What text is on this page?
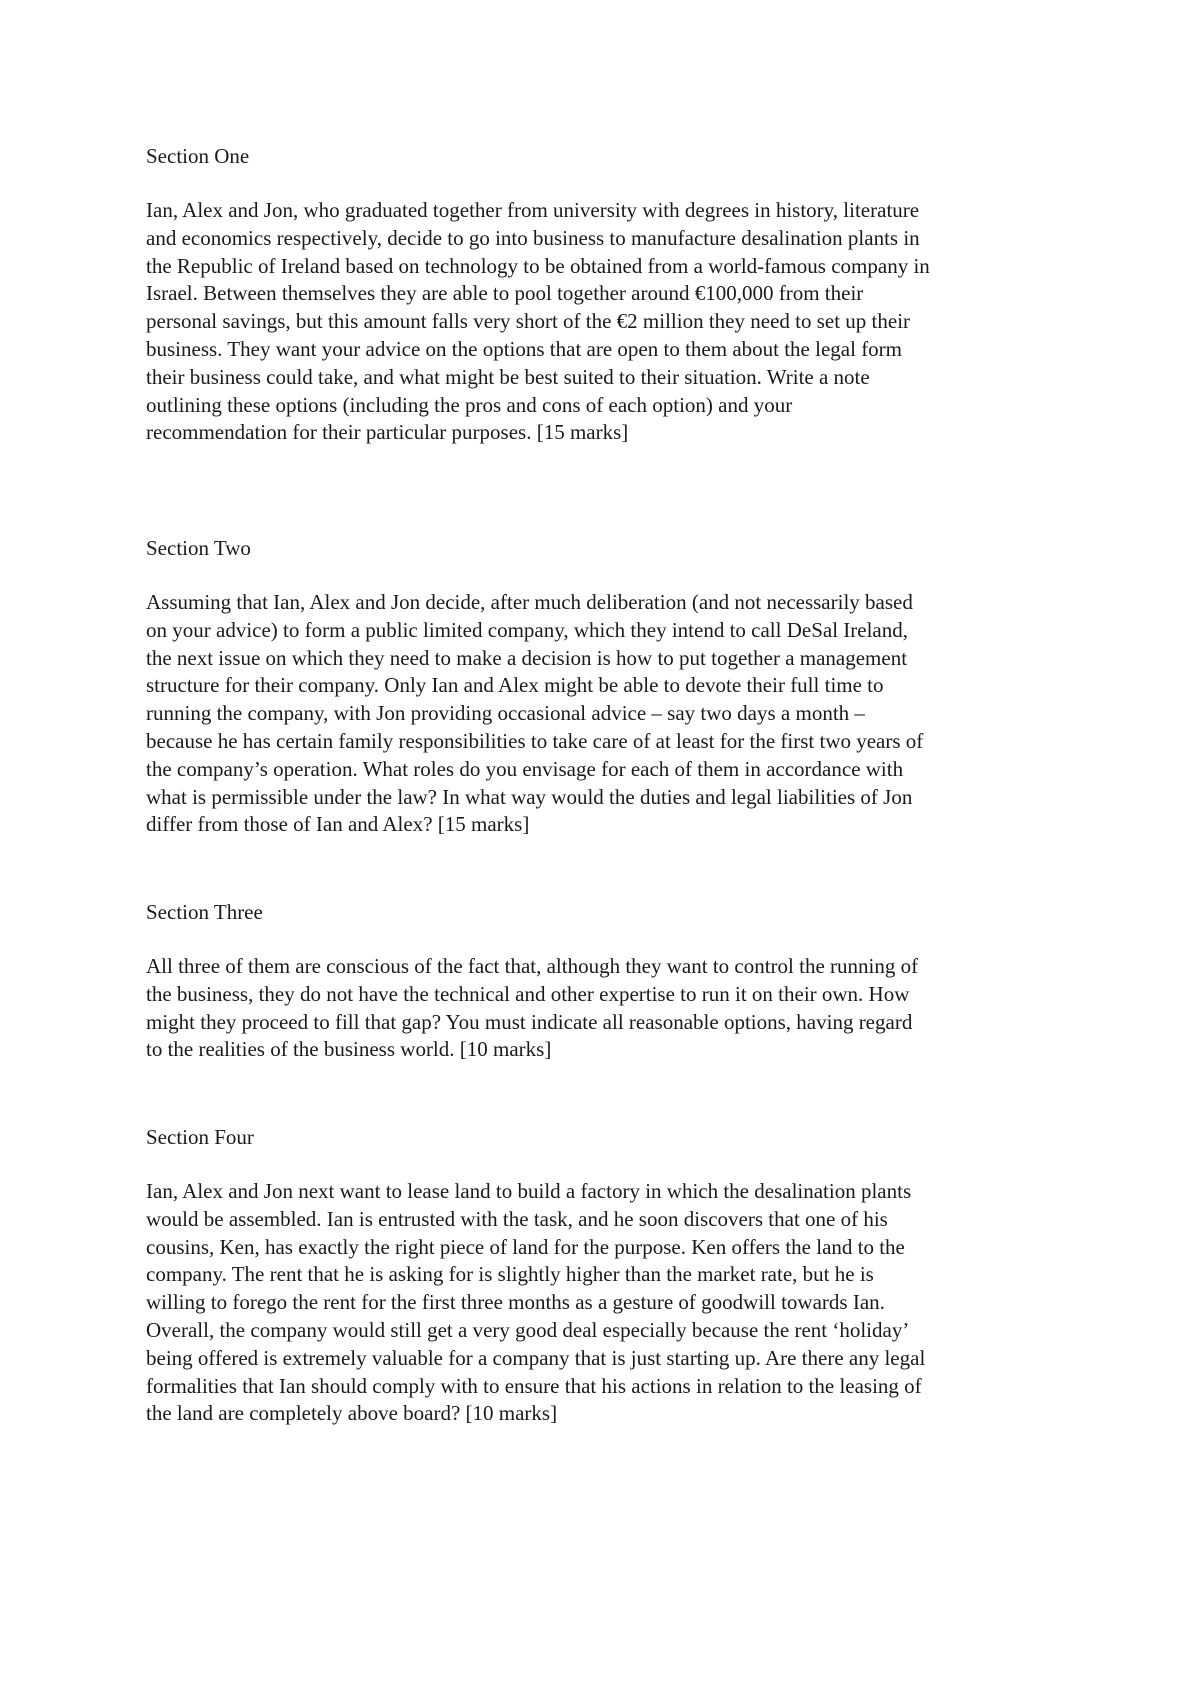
Section One

Ian, Alex and Jon, who graduated together from university with degrees in history, literature
and economics respectively, decide to go into business to manufacture desalination plants in
the Republic of Ireland based on technology to be obtained from a world-famous company in
Israel. Between themselves they are able to pool together around €100,000 from their
personal savings, but this amount falls very short of the €2 million they need to set up their
business. They want your advice on the options that are open to them about the legal form
their business could take, and what might be best suited to their situation. Write a note
outlining these options (including the pros and cons of each option) and your
recommendation for their particular purposes. [15 marks]

Section Two

Assuming that Ian, Alex and Jon decide, after much deliberation (and not necessarily based
on your advice) to form a public limited company, which they intend to call DeSal Ireland,
the next issue on which they need to make a decision is how to put together a management
structure for their company. Only Ian and Alex might be able to devote their full time to
running the company, with Jon providing occasional advice – say two days a month –
because he has certain family responsibilities to take care of at least for the first two years of
the company’s operation. What roles do you envisage for each of them in accordance with
what is permissible under the law? In what way would the duties and legal liabilities of Jon
differ from those of Ian and Alex? [15 marks]

Section Three

All three of them are conscious of the fact that, although they want to control the running of
the business, they do not have the technical and other expertise to run it on their own. How
might they proceed to fill that gap? You must indicate all reasonable options, having regard
to the realities of the business world. [10 marks]

Section Four

Ian, Alex and Jon next want to lease land to build a factory in which the desalination plants
would be assembled. Ian is entrusted with the task, and he soon discovers that one of his
cousins, Ken, has exactly the right piece of land for the purpose. Ken offers the land to the
company. The rent that he is asking for is slightly higher than the market rate, but he is
willing to forego the rent for the first three months as a gesture of goodwill towards Ian.
Overall, the company would still get a very good deal especially because the rent ‘holiday’
being offered is extremely valuable for a company that is just starting up. Are there any legal
formalities that Ian should comply with to ensure that his actions in relation to the leasing of
the land are completely above board? [10 marks]
